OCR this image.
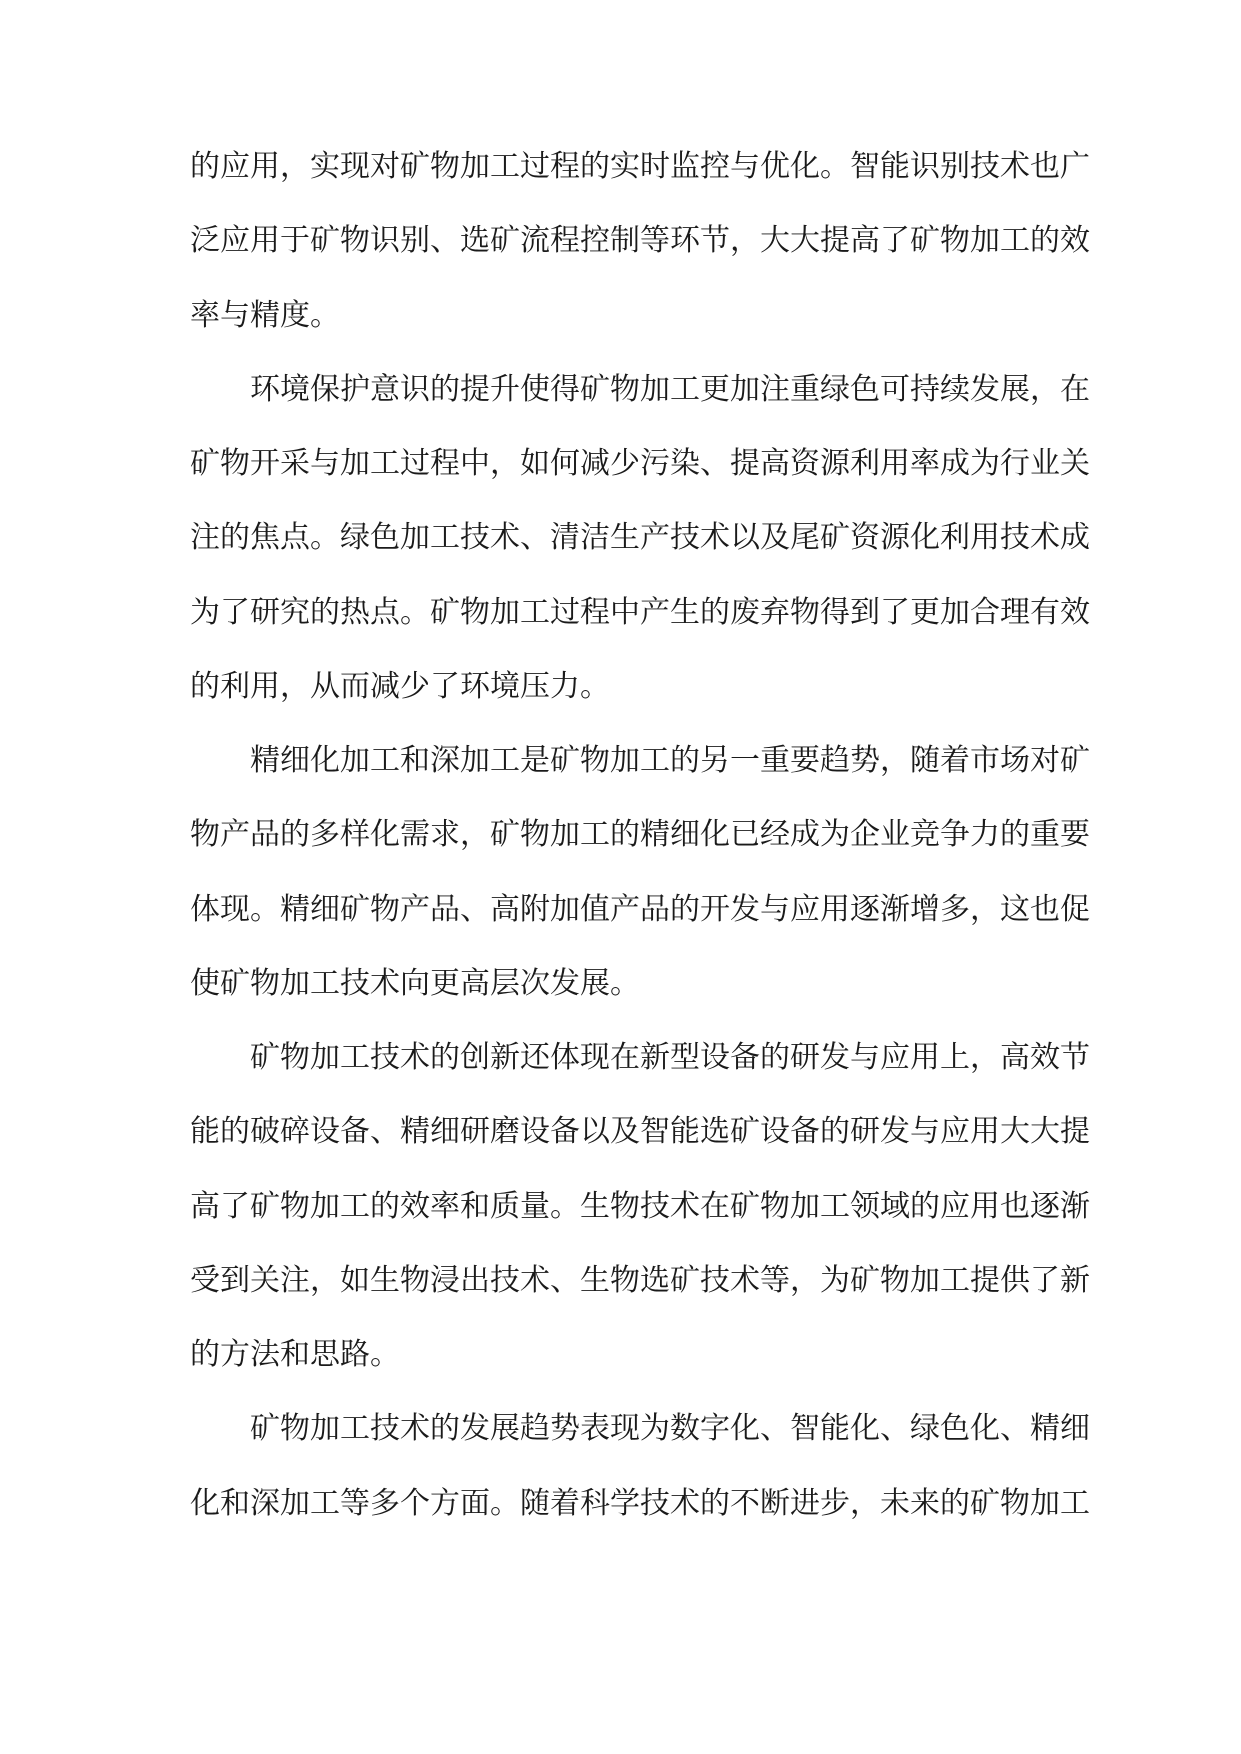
的应用，实现对矿物加工过程的实时监控与优化。智能识别技术也广
泛应用于矿物识别、选矿流程控制等环节，大大提高了矿物加工的效
率与精度。
环境保护意识的提升使得矿物加工更加注重绿色可持续发展，在
矿物开采与加工过程中，如何减少污染、提高资源利用率成为行业关
注的焦点。绿色加工技术、清洁生产技术以及尾矿资源化利用技术成
为了研究的热点。矿物加工过程中产生的废弃物得到了更加合理有效
的利用，从而减少了环境压力。
精细化加工和深加工是矿物加工的另一重要趋势，随着市场对矿
物产品的多样化需求，矿物加工的精细化已经成为企业竞争力的重要
体现。精细矿物产品、高附加值产品的开发与应用逐渐增多，这也促
使矿物加工技术向更高层次发展。
矿物加工技术的创新还体现在新型设备的研发与应用上，高效节
能的破碎设备、精细研磨设备以及智能选矿设备的研发与应用大大提
高了矿物加工的效率和质量。生物技术在矿物加工领域的应用也逐渐
受到关注，如生物浸出技术、生物选矿技术等，为矿物加工提供了新
的方法和思路。
矿物加工技术的发展趋势表现为数字化、智能化、绿色化、精细
化和深加工等多个方面。随着科学技术的不断进步，未来的矿物加工
